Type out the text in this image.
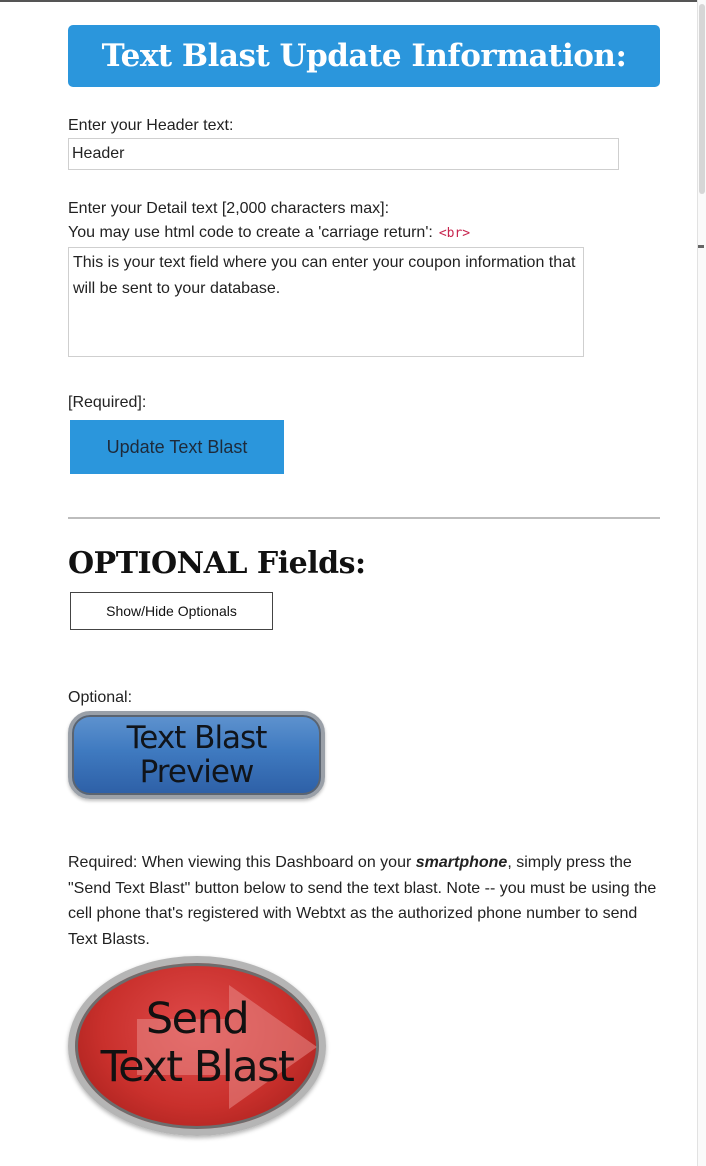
Text Blast Update Information:
Enter your Header text:
Header
Enter your Detail text [2,000 characters max]:
You may use html code to create a 'carriage return': <br>
This is your text field where you can enter your coupon information that will be sent to your database.
[Required]:
Update Text Blast
OPTIONAL Fields:
Show/Hide Optionals
Optional:
Text Blast
Preview
Required: When viewing this Dashboard on your smartphone, simply press the "Send Text Blast" button below to send the text blast. Note -- you must be using the cell phone that's registered with Webtxt as the authorized phone number to send Text Blasts.
Send
Text Blast
